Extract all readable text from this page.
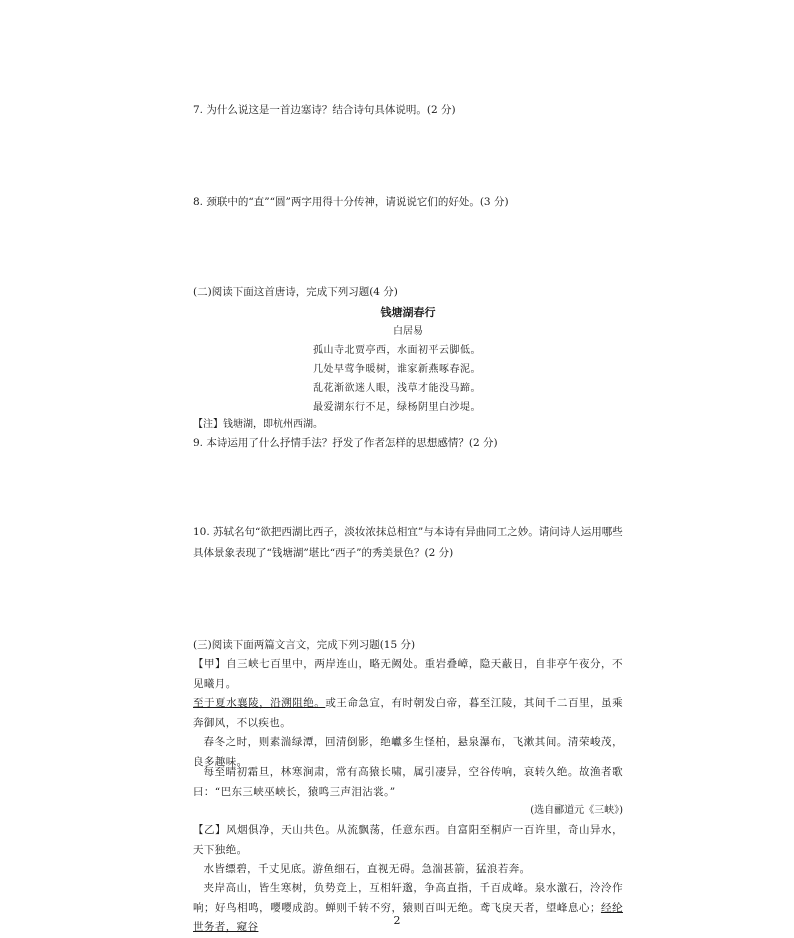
7. 为什么说这是一首边塞诗？结合诗句具体说明。(2 分)

8. 颈联中的“直”“圆”两字用得十分传神，请说说它们的好处。(3 分)

(二)阅读下面这首唐诗，完成下列习题(4 分)

钱塘湖春行
白居易

孤山寺北贾亭西，水面初平云脚低。

几处早莺争暖树，谁家新燕啄春泥。

乱花渐欲迷人眼，浅草才能没马蹄。

最爱湖东行不足，绿杨阴里白沙堤。

【注】钱塘湖，即杭州西湖。

9. 本诗运用了什么抒情手法？抒发了作者怎样的思想感情？(2 分)

10. 苏轼名句“欲把西湖比西子，淡妆浓抹总相宜”与本诗有异曲同工之妙。请问诗人运用哪些具体景象表现了“钱塘湖”堪比“西子”的秀美景色？(2 分)

(三)阅读下面两篇文言文，完成下列习题(15 分)

【甲】自三峡七百里中，两岸连山，略无阙处。重岩叠嶂，隐天蔽日，自非亭午夜分，不见曦月。

至于夏水襄陵，沿溯阻绝。或王命急宣，有时朝发白帝，暮至江陵，其间千二百里，虽乘奔御风，不以疾也。

春冬之时，则素湍绿潭，回清倒影，绝巘多生怪柏，悬泉瀑布，飞漱其间。清荣峻茂，良多趣味。

每至晴初霜旦，林寒涧肃，常有高猿长啸，属引凄异，空谷传响，哀转久绝。故渔者歌曰：“巴东三峡巫峡长，猿鸣三声泪沾裳。”

(选自郦道元《三峡》)

【乙】风烟俱净，天山共色。从流飘荡，任意东西。自富阳至桐庐一百许里，奇山异水，天下独绝。

水皆缥碧，千丈见底。游鱼细石，直视无碍。急湍甚箭，猛浪若奔。

夹岸高山，皆生寒树，负势竞上，互相轩邈，争高直指，千百成峰。泉水激石，泠泠作响；好鸟相鸣，嘤嘤成韵。蝉则千转不穷，猿则百叫无绝。鸢飞戾天者，望峰息心；经纶世务者，窥谷	2
